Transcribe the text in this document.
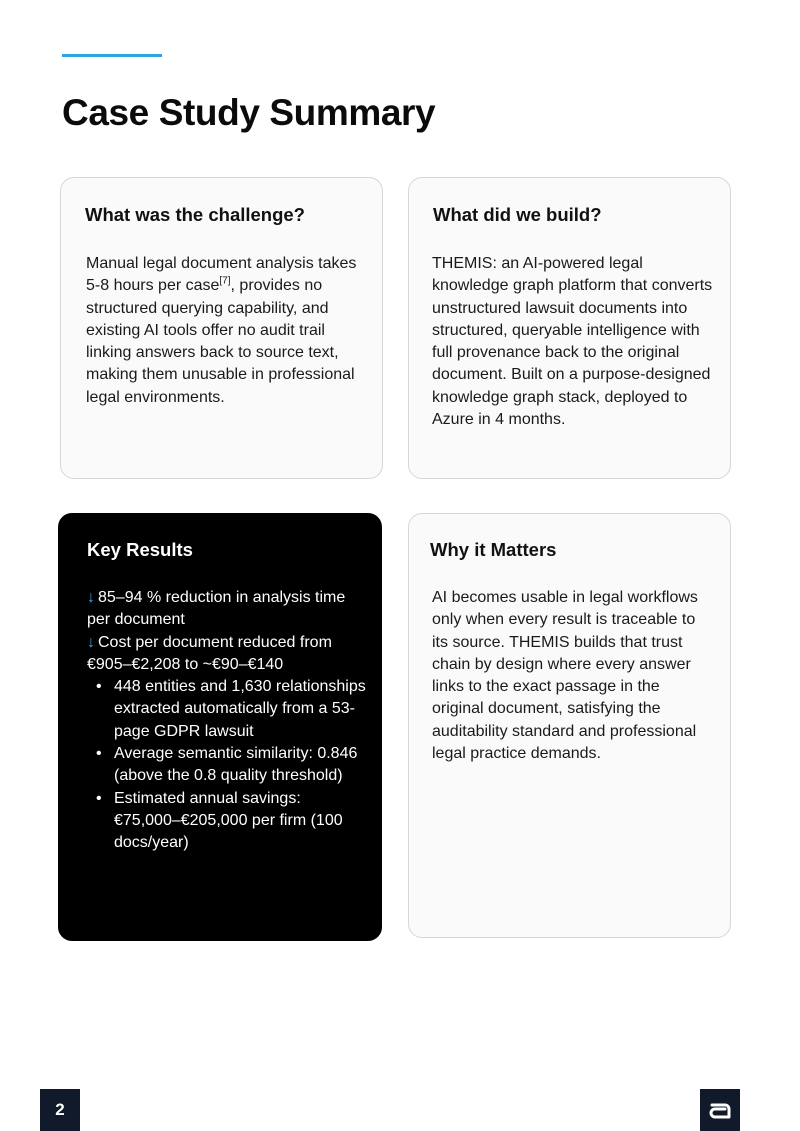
Case Study Summary
What was the challenge?

Manual legal document analysis takes 5-8 hours per case[7], provides no structured querying capability, and existing AI tools offer no audit trail linking answers back to source text, making them unusable in professional legal environments.

What did we build?

THEMIS: an AI-powered legal knowledge graph platform that converts unstructured lawsuit documents into structured, queryable intelligence with full provenance back to the original document. Built on a purpose-designed knowledge graph stack, deployed to Azure in 4 months.

Key Results
↓ 85–94 % reduction in analysis time per document
↓ Cost per document reduced from €905–€2,208 to ~€90–€140
• 448 entities and 1,630 relationships extracted automatically from a 53-page GDPR lawsuit
• Average semantic similarity: 0.846 (above the 0.8 quality threshold)
• Estimated annual savings: €75,000–€205,000 per firm (100 docs/year)
Why it Matters

AI becomes usable in legal workflows only when every result is traceable to its source. THEMIS builds that trust chain by design where every answer links to the exact passage in the original document, satisfying the auditability standard and professional legal practice demands.

2
